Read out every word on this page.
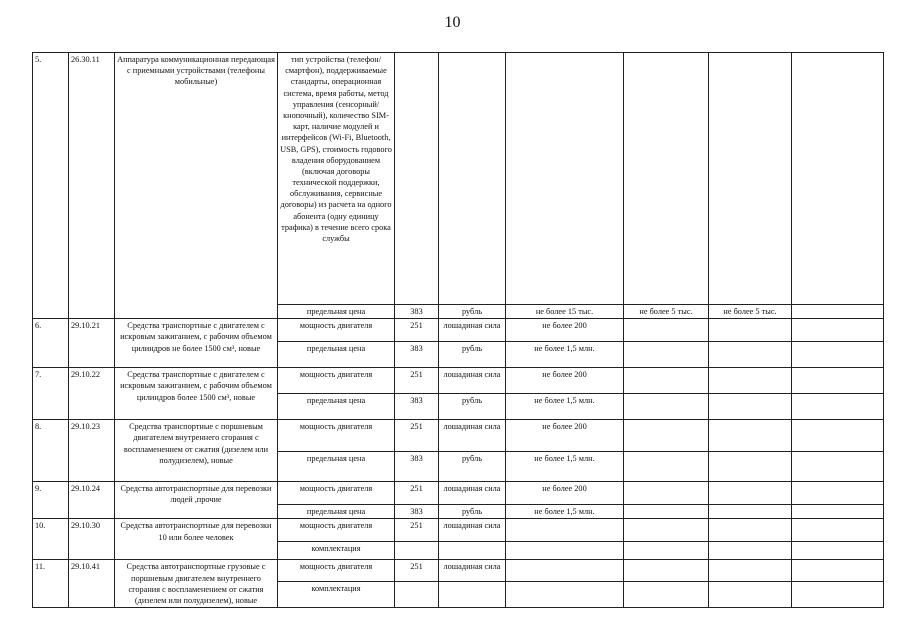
10
5.	26.30.11	Аппаратура коммуникационная передающая с приемными устройствами (телефоны мобильные)	тип устройства (телефон/смартфон), поддерживаемые стандарты, операционная система, время работы, метод управления (сенсорный/кнопочный), количество SIM-карт, наличие модулей и интерфейсов (Wi-Fi, Bluetooth, USB, GPS), стоимость годового владения оборудованием (включая договоры технической поддержки, обслуживания, сервисные договоры) из расчета на одного абонента (одну единицу трафика) в течение всего срока службы						
			предельная цена	383	рубль	не более 15 тыс.	не более 5 тыс.	не более 5 тыс.	
6.	29.10.21	Средства транспортные с двигателем с искровым зажиганием, с рабочим объемом цилиндров не более 1500 см³, новые	мощность двигателя	251	лошадиная сила	не более 200			
			предельная цена	383	рубль	не более 1,5 млн.			
7.	29.10.22	Средства транспортные с двигателем с искровым зажиганием, с рабочим объемом цилиндров более 1500 см³, новые	мощность двигателя	251	лошадиная сила	не более 200			
			предельная цена	383	рубль	не более 1,5 млн.			
8.	29.10.23	Средства транспортные с поршневым двигателем внутреннего сгорания с воспламенением от сжатия (дизелем или полудизелем), новые	мощность двигателя	251	лошадиная сила	не более 200			
			предельная цена	383	рубль	не более 1,5 млн.			
9.	29.10.24	Средства автотранспортные для перевозки людей ,прочие	мощность двигателя	251	лошадиная сила	не более 200			
			предельная цена	383	рубль	не более 1,5 млн.			
10.	29.10.30	Средства автотранспортные для перевозки 10 или более человек	мощность двигателя	251	лошадиная сила				
			комплектация						
11.	29.10.41	Средства автотранспортные грузовые с поршневым двигателем внутреннего сгорания с воспламенением от сжатия (дизелем или полудизелем), новые	мощность двигателя	251	лошадиная сила				
			комплектация						
